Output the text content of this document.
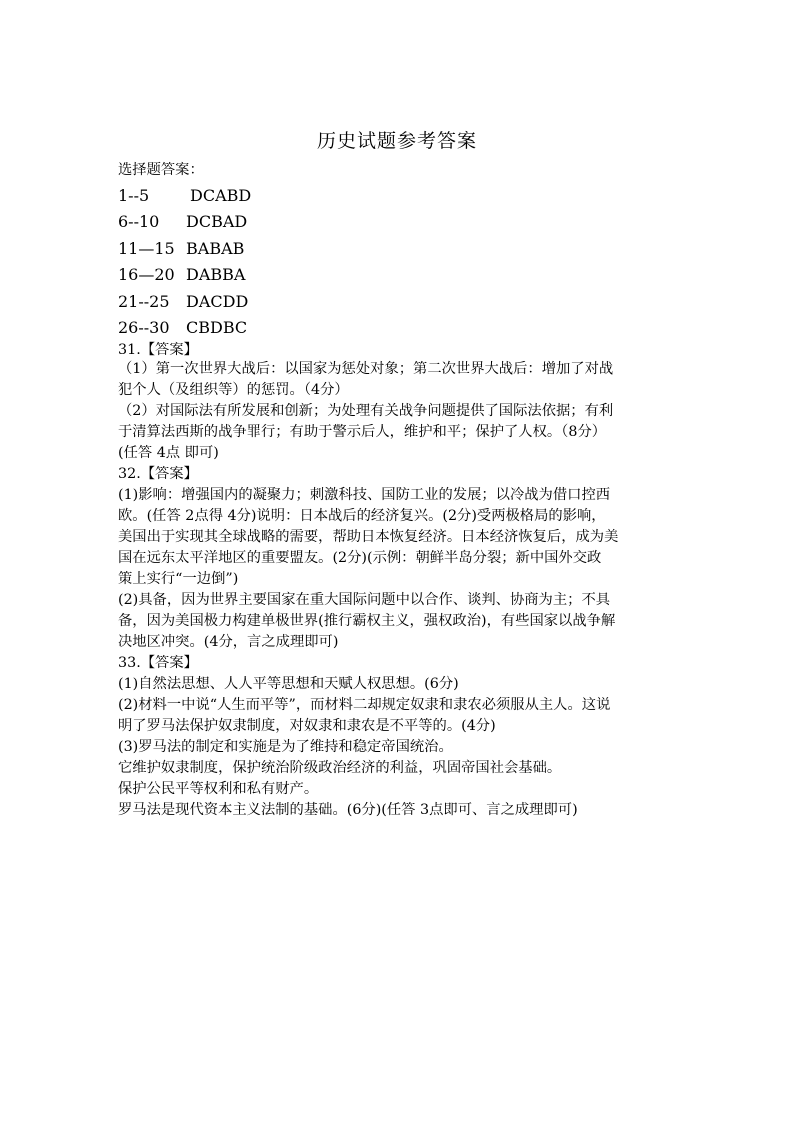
历史试题参考答案
选择题答案：
1--5	DCABD
6--10 DCBAD
11—15 BABAB
16—20 DABBA
21--25 DACDD
26--30 CBDBC
31.【答案】
（1）第一次世界大战后：以国家为惩处对象；第二次世界大战后：增加了对战
犯个人（及组织等）的惩罚。（4分）
（2）对国际法有所发展和创新；为处理有关战争问题提供了国际法依据；有利
于清算法西斯的战争罪行；有助于警示后人，维护和平；保护了人权。（8分）
(任答 4点 即可)
32.【答案】
(1)影响：增强国内的凝聚力；刺激科技、国防工业的发展；以冷战为借口控西
欧。(任答 2点得 4分)说明：日本战后的经济复兴。(2分)受两极格局的影响，
美国出于实现其全球战略的需要，帮助日本恢复经济。日本经济恢复后，成为美
国在远东太平洋地区的重要盟友。(2分)(示例：朝鲜半岛分裂；新中国外交政
策上实行“一边倒”)
(2)具备，因为世界主要国家在重大国际问题中以合作、谈判、协商为主；不具
备，因为美国极力构建单极世界(推行霸权主义，强权政治)，有些国家以战争解
决地区冲突。(4分，言之成理即可)
33.【答案】
(1)自然法思想、人人平等思想和天赋人权思想。(6分)
(2)材料一中说“人生而平等”，而材料二却规定奴隶和隶农必须服从主人。这说
明了罗马法保护奴隶制度，对奴隶和隶农是不平等的。(4分)
(3)罗马法的制定和实施是为了维持和稳定帝国统治。
它维护奴隶制度，保护统治阶级政治经济的利益，巩固帝国社会基础。
保护公民平等权利和私有财产。
罗马法是现代资本主义法制的基础。(6分)(任答 3点即可、言之成理即可)
